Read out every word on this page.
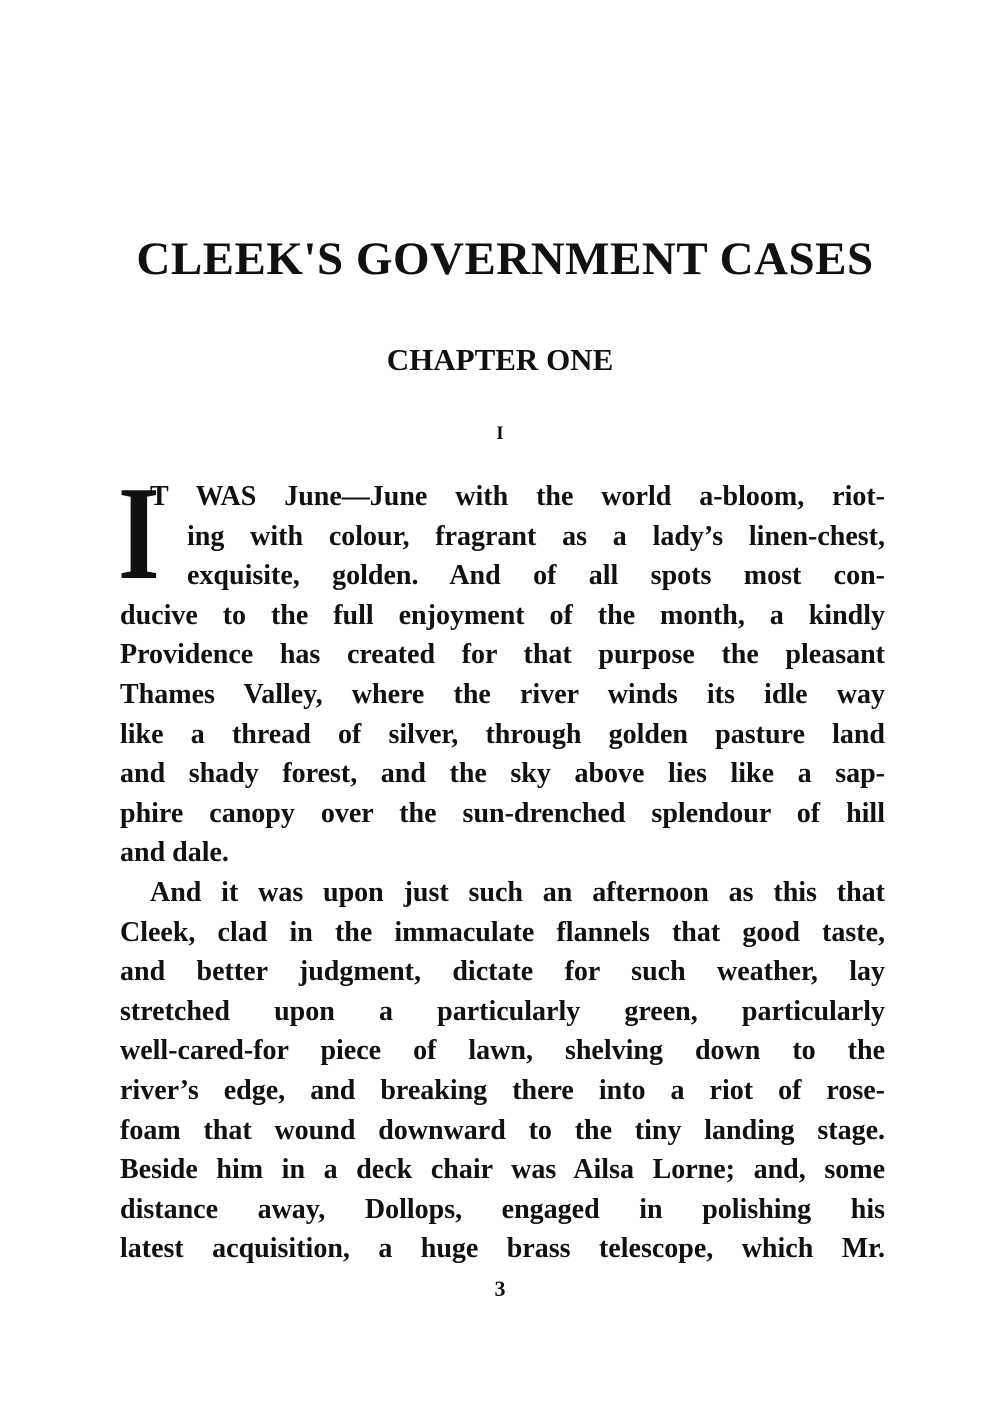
CLEEK'S GOVERNMENT CASES
CHAPTER ONE
I
I
T WAS June—June with the world a-bloom, riot-
ing with colour, fragrant as a lady’s linen-chest,
exquisite, golden. And of all spots most con-
ducive to the full enjoyment of the month, a kindly
Providence has created for that purpose the pleasant
Thames Valley, where the river winds its idle way
like a thread of silver, through golden pasture land
and shady forest, and the sky above lies like a sap-
phire canopy over the sun-drenched splendour of hill
and dale.
And it was upon just such an afternoon as this that
Cleek, clad in the immaculate flannels that good taste,
and better judgment, dictate for such weather, lay
stretched upon a particularly green, particularly
well-cared-for piece of lawn, shelving down to the
river’s edge, and breaking there into a riot of rose-
foam that wound downward to the tiny landing stage.
Beside him in a deck chair was Ailsa Lorne; and, some
distance away, Dollops, engaged in polishing his
latest acquisition, a huge brass telescope, which Mr.
3
